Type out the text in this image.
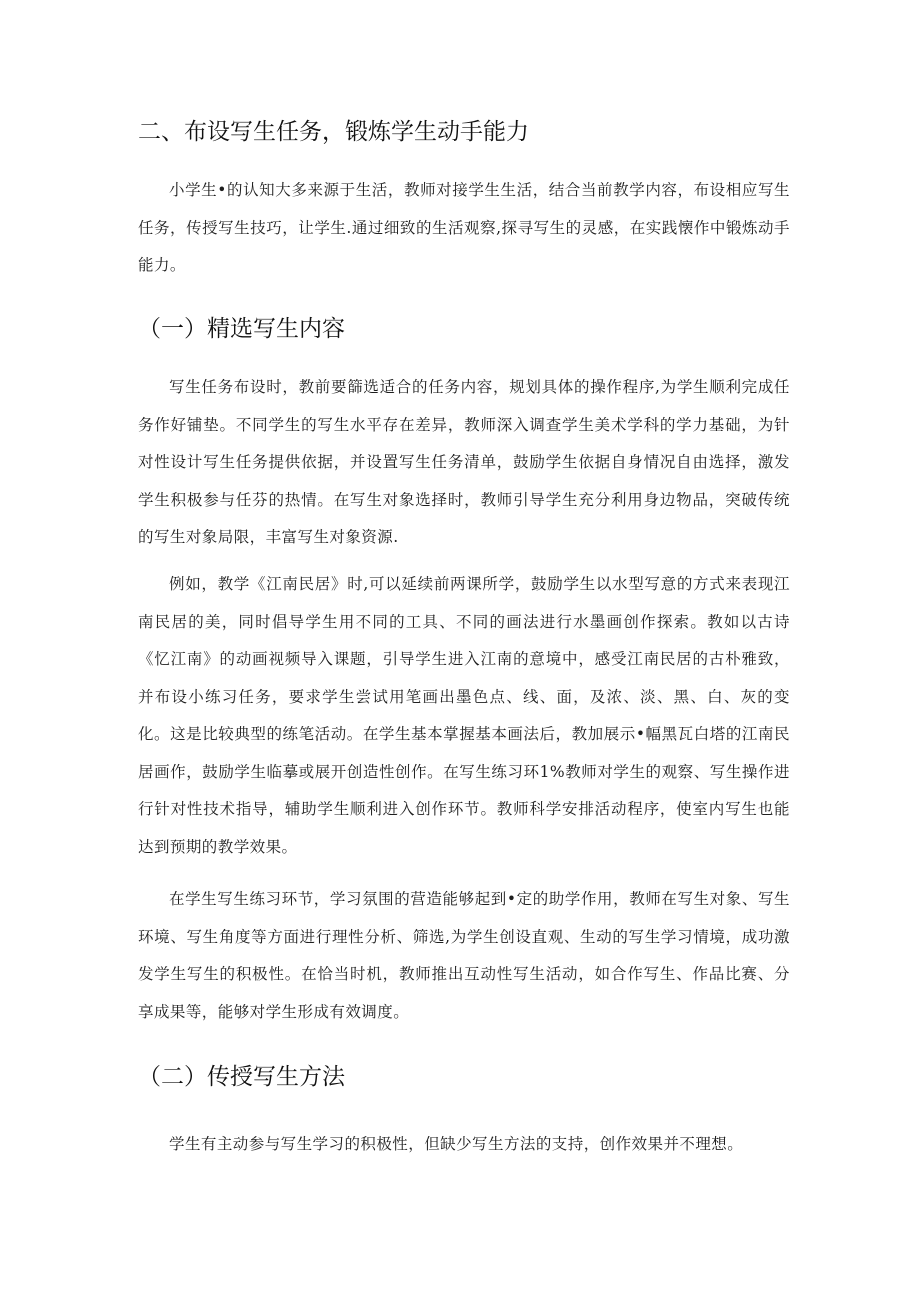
二、布设写生任务，锻炼学生动手能力

小学生•的认知大多来源于生活，教师对接学生生活，结合当前教学内容，布设相应写生任务，传授写生技巧，让学生.通过细致的生活观察,探寻写生的灵感，在实践懐作中锻炼动手能力。

（一）精选写生内容

写生任务布设时，教前要篩选适合的任务内容，规划具体的操作程序,为学生顺利完成任务作好铺垫。不同学生的写生水平存在差异，教师深入调查学生美术学科的学力基础，为针对性设计写生任务提供依据，并设置写生任务清单，鼓励学生依据自身情况自由选择，激发学生积极参与任芬的热情。在写生对象选择时，教师引导学生充分利用身边物品，突破传统的写生对象局限，丰富写生对象资源.

例如，教学《江南民居》时,可以延续前两课所学，鼓励学生以水型写意的方式来表现江南民居的美，同时倡导学生用不同的工具、不同的画法进行水墨画创作探索。教如以古诗《忆江南》的动画视频导入课题，引导学生进入江南的意境中，感受江南民居的古朴雅致，并布设小练习任务，要求学生尝试用笔画出墨色点、线、面，及浓、淡、黑、白、灰的变化。这是比较典型的练笔活动。在学生基本掌握基本画法后，教加展示•幅黑瓦白塔的江南民居画作，鼓励学生临摹或展开创造性创作。在写生练习环1%教师对学生的观察、写生操作进行针对性技术指导，辅助学生顺利进入创作环节。教师科学安排活动程序，使室内写生也能达到预期的教学效果。

在学生写生练习环节，学习氛围的营造能够起到•定的助学作用，教师在写生对象、写生环境、写生角度等方面进行理性分析、筛选,为学生创设直观、生动的写生学习情境，成功激发学生写生的积极性。在恰当时机，教师推出互动性写生活动，如合作写生、作品比赛、分享成果等，能够对学生形成有效调度。

（二）传授写生方法

学生有主动参与写生学习的积极性，但缺少写生方法的支持，创作效果并不理想。
